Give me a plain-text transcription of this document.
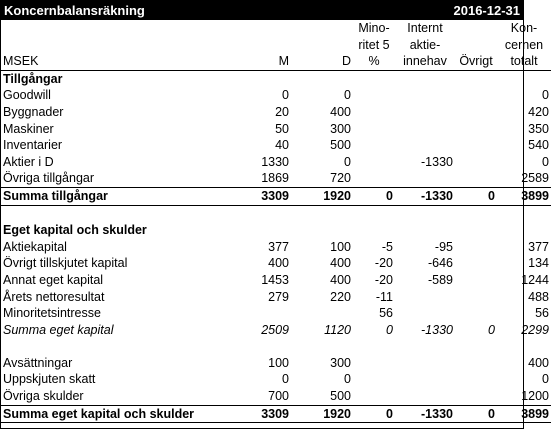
Koncernbalansräkning	2016-12-31
MSEK	M	D	Mino- ritet 5 %	Internt aktie- innehav	Övrigt	Kon- cernen totalt
Tillgångar						
Goodwill	0	0				0
Byggnader	20	400				420
Maskiner	50	300				350
Inventarier	40	500				540
Aktier i D	1330	0		-1330		0
Övriga tillgångar	1869	720				2589
Summa tillgångar	3309	1920	0	-1330	0	3899

Eget kapital och skulder						
Aktiekapital	377	100	-5	-95		377
Övrigt tillskjutet kapital	400	400	-20	-646		134
Annat eget kapital	1453	400	-20	-589		1244
Årets nettoresultat	279	220	-11			488
Minoritetsintresse			56			56
Summa eget kapital	2509	1120	0	-1330	0	2299

Avsättningar	100	300				400
Uppskjuten skatt	0	0				0
Övriga skulder	700	500				1200
Summa eget kapital och skulder	3309	1920	0	-1330	0	3899
